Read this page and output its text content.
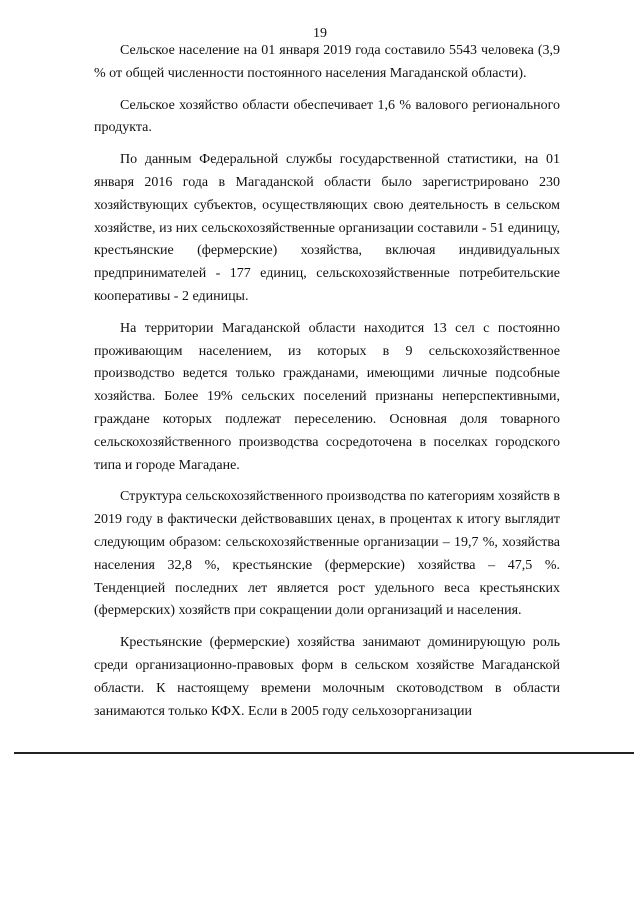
19

Сельское население на 01 января 2019 года составило 5543 человека (3,9 % от общей численности постоянного населения Магаданской области).

Сельское хозяйство области обеспечивает 1,6 % валового регионального продукта.

По данным Федеральной службы государственной статистики, на 01 января 2016 года в Магаданской области было зарегистрировано 230 хозяйствующих субъектов, осуществляющих свою деятельность в сельском хозяйстве, из них сельскохозяйственные организации составили - 51 единицу, крестьянские (фермерские) хозяйства, включая индивидуальных предпринимателей - 177 единиц, сельскохозяйственные потребительские кооперативы - 2 единицы.

На территории Магаданской области находится 13 сел с постоянно проживающим населением, из которых в 9 сельскохозяйственное производство ведется только гражданами, имеющими личные подсобные хозяйства. Более 19% сельских поселений признаны неперспективными, граждане которых подлежат переселению. Основная доля товарного сельскохозяйственного производства сосредоточена в поселках городского типа и городе Магадане.

Структура сельскохозяйственного производства по категориям хозяйств в 2019 году в фактически действовавших ценах, в процентах к итогу выглядит следующим образом: сельскохозяйственные организации – 19,7 %, хозяйства населения 32,8 %, крестьянские (фермерские) хозяйства – 47,5 %. Тенденцией последних лет является рост удельного веса крестьянских (фермерских) хозяйств при сокращении доли организаций и населения.

Крестьянские (фермерские) хозяйства занимают доминирующую роль среди организационно-правовых форм в сельском хозяйстве Магаданской области. К настоящему времени молочным скотоводством в области занимаются только КФХ. Если в 2005 году сельхозорганизации
